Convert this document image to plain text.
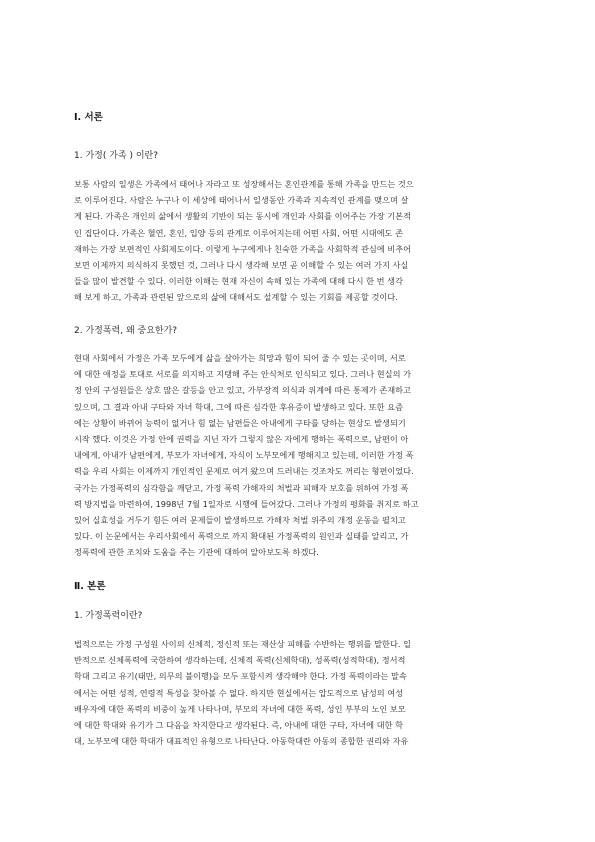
Ⅰ. 서론
1. 가정( 가족 ) 이란?
보통 사람의 일생은 가족에서 태어나 자라고 또 성장해서는 혼인관계를 통해 가족을 만드는 것으
로 이루어진다. 사람은 누구나 이 세상에 태어나서 일생동안 가족과 지속적인 관계를 맺으며 살
게 된다. 가족은 개인의 삶에서 생활의 기반이 되는 동시에 개인과 사회를 이어주는 가장 기본적
인 집단이다. 가족은 혈연, 혼인, 입양 등의 관계로 이루어지는데 어떤 사회, 어떤 시대에도 존
재하는 가장 보편적인 사회제도이다. 이렇게 누구에게나 친숙한 가족을 사회학적 관심에 비추어
보면 이제까지 의식하지 못했던 것, 그러나 다시 생각해 보면 곧 이해할 수 있는 여러 가지 사실
들을 많이 발견할 수 있다. 이러한 이해는 현재 자신이 속해 있는 가족에 대해 다시 한 번 생각
해 보게 하고, 가족과 관련된 앞으로의 삶에 대해서도 설계할 수 있는 기회를 제공할 것이다.
2. 가정폭력, 왜 중요한가?
현대 사회에서 가정은 가족 모두에게 삶을 살아가는 희망과 힘이 되어 줄 수 있는 곳이며, 서로
에 대한 애정을 토대로 서로를 의지하고 지탱해 주는 안식처로 인식되고 있다. 그러나 현실의 가
정 안의 구성원들은 상호 많은 갈등을 안고 있고, 가부장적 의식과 위계에 따른 통제가 존재하고
있으며, 그 결과 아내 구타와 자녀 학대, 그에 따른 심각한 후유증이 발생하고 있다. 또한 요즘
에는 상황이 바뀌어 능력이 없거나 힘 없는 남편들은 아내에게 구타를 당하는 현상도 발생되기
시작 했다. 이것은 가정 안에 권력을 지닌 자가 그렇지 않은 자에게 행하는 폭력으로, 남편이 아
내에게, 아내가 남편에게, 부모가 자녀에게, 자식이 노부모에게 행해지고 있는데, 이러한 가정 폭
력을 우리 사회는 이제까지 개인적인 문제로 여겨 왔으며 드러내는 것조차도 꺼리는 형편이었다.
국가는 가정폭력의 심각함을 깨닫고, 가정 폭력 가해자의 처벌과 피해자 보호를 위하여 가정 폭
력 방지법을 마련하여, 1998년 7월 1일자로 시행에 들어갔다. 그러나 가정의 평화를 취지로 하고
있어 실효성을 거두기 힘든 여러 문제들이 발생하므로 가해자 처벌 위주의 개정 운동을 펼치고
있다. 이 논문에서는 우리사회에서 폭력으로 까지 확대된 가정폭력의 원인과 실태를 알리고, 가
정폭력에 관한 조치와 도움을 주는 기관에 대하여 알아보도록 하겠다.
Ⅱ. 본론
1. 가정폭력이란?
법적으로는 가정 구성원 사이의 신체적, 정신적 또는 재산상 피해를 수반하는 행위를 말한다. 일
반적으로 신체폭력에 국한하여 생각하는데, 신체적 폭력(신체학대), 성폭력(성적학대), 정서적
학대 그리고 유기(태만, 의무의 불이행)을 모두 포함시켜 생각해야 한다. 가정 폭력이라는 말속
에서는 어떤 성적, 연령적 특성을 찾아볼 수 없다. 하지만 현실에서는 압도적으로 남성의 여성
배우자에 대한 폭력의 비중이 높게 나타나며, 부모의 자녀에 대한 폭력, 성인 부부의 노인 보모
에 대한 학대와 유기가 그 다음을 차지한다고 생각된다. 즉, 아내에 대한 구타, 자녀에 대한 학
대, 노부모에 대한 학대가 대표적인 유형으로 나타난다. 아동학대란 아동의 종합한 권리와 자유
